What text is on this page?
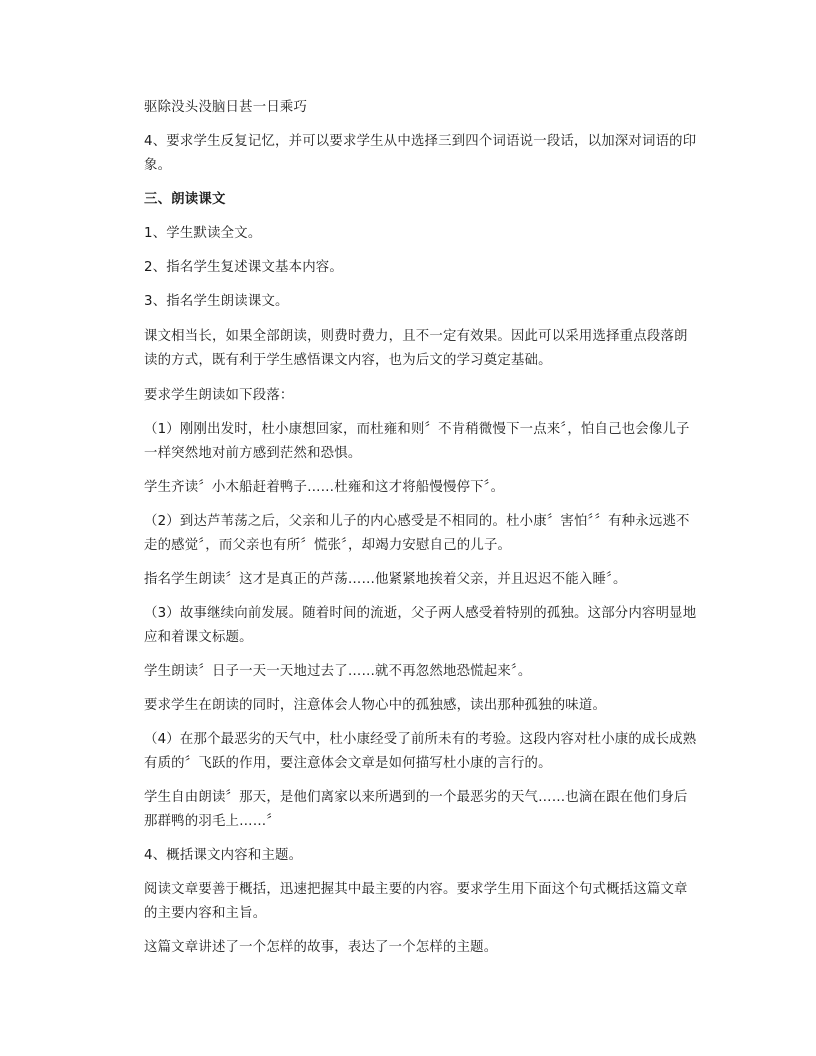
驱除没头没脑日甚一日乘巧
4、要求学生反复记忆，并可以要求学生从中选择三到四个词语说一段话，以加深对词语的印象。
三、朗读课文
1、学生默读全文。
2、指名学生复述课文基本内容。
3、指名学生朗读课文。
课文相当长，如果全部朗读，则费时费力，且不一定有效果。因此可以采用选择重点段落朗读的方式，既有利于学生感悟课文内容，也为后文的学习奠定基础。
要求学生朗读如下段落：
（1）刚刚出发时，杜小康想回家，而杜雍和则〞不肯稍微慢下一点来〞，怕自己也会像儿子一样突然地对前方感到茫然和恐惧。
学生齐读〞小木船赶着鸭子……杜雍和这才将船慢慢停下〞。
（2）到达芦苇荡之后，父亲和儿子的内心感受是不相同的。杜小康〞害怕〞〞有种永远逃不走的感觉〞，而父亲也有所〞慌张〞，却竭力安慰自己的儿子。
指名学生朗读〞这才是真正的芦荡……他紧紧地挨着父亲，并且迟迟不能入睡〞。
（3）故事继续向前发展。随着时间的流逝，父子两人感受着特别的孤独。这部分内容明显地应和着课文标题。
学生朗读〞日子一天一天地过去了……就不再忽然地恐慌起来〞。
要求学生在朗读的同时，注意体会人物心中的孤独感，读出那种孤独的味道。
（4）在那个最恶劣的天气中，杜小康经受了前所未有的考验。这段内容对杜小康的成长成熟有质的〞飞跃的作用，要注意体会文章是如何描写杜小康的言行的。
学生自由朗读〞那天，是他们离家以来所遇到的一个最恶劣的天气……也滴在跟在他们身后那群鸭的羽毛上……〞
4、概括课文内容和主题。
阅读文章要善于概括，迅速把握其中最主要的内容。要求学生用下面这个句式概括这篇文章的主要内容和主旨。
这篇文章讲述了一个怎样的故事，表达了一个怎样的主题。
